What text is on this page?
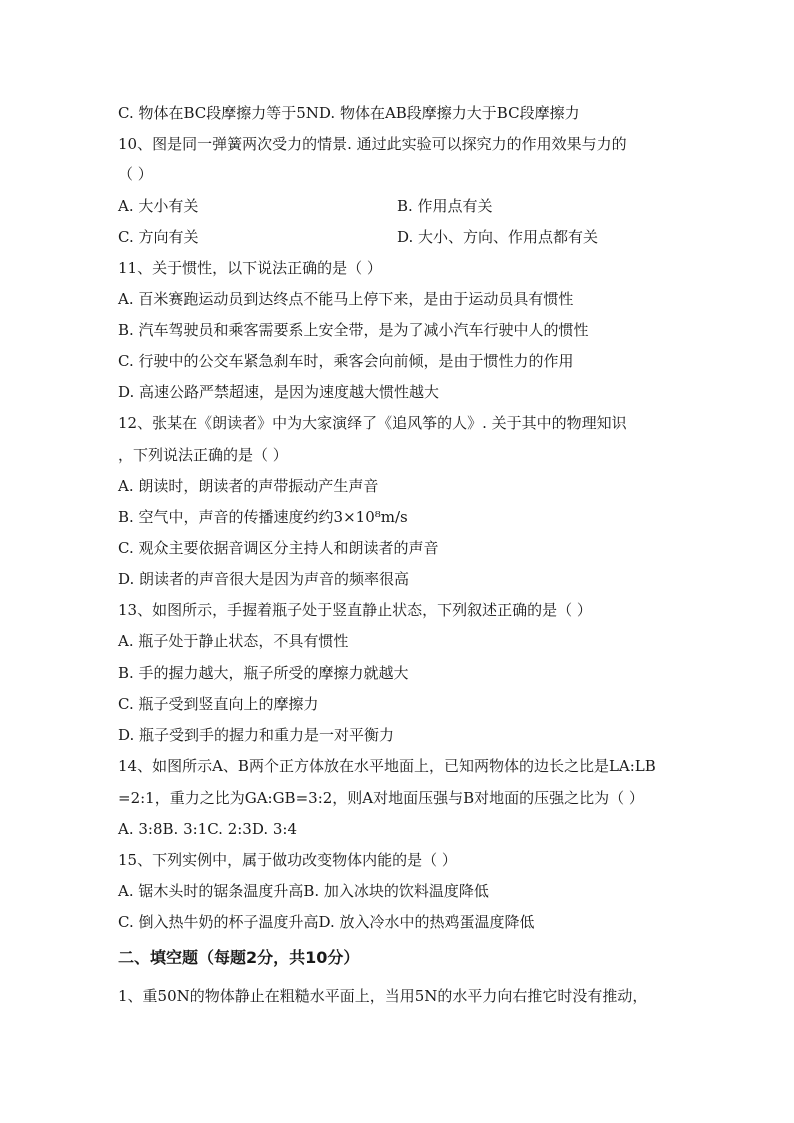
C. 物体在BC段摩擦力等于5ND. 物体在AB段摩擦力大于BC段摩擦力
10、图是同一弹簧两次受力的情景. 通过此实验可以探究力的作用效果与力的
（ ）
A. 大小有关	B. 作用点有关
C. 方向有关	D. 大小、方向、作用点都有关
11、关于惯性，以下说法正确的是（ ）
A. 百米赛跑运动员到达终点不能马上停下来，是由于运动员具有惯性
B. 汽车驾驶员和乘客需要系上安全带，是为了减小汽车行驶中人的惯性
C. 行驶中的公交车紧急刹车时，乘客会向前倾，是由于惯性力的作用
D. 高速公路严禁超速，是因为速度越大惯性越大
12、张某在《朗读者》中为大家演绎了《追风筝的人》. 关于其中的物理知识
，下列说法正确的是（ ）
A. 朗读时，朗读者的声带振动产生声音
B. 空气中，声音的传播速度约约3×10⁸m/s
C. 观众主要依据音调区分主持人和朗读者的声音
D. 朗读者的声音很大是因为声音的频率很高
13、如图所示，手握着瓶子处于竖直静止状态，下列叙述正确的是（ ）
A. 瓶子处于静止状态，不具有惯性
B. 手的握力越大，瓶子所受的摩擦力就越大
C. 瓶子受到竖直向上的摩擦力
D. 瓶子受到手的握力和重力是一对平衡力
14、如图所示A、B两个正方体放在水平地面上，已知两物体的边长之比是LA:LB
=2:1，重力之比为GA:GB=3:2，则A对地面压强与B对地面的压强之比为（ ）
A. 3:8B. 3:1C. 2:3D. 3:4
15、下列实例中，属于做功改变物体内能的是（ ）
A. 锯木头时的锯条温度升高B. 加入冰块的饮料温度降低
C. 倒入热牛奶的杯子温度升高D. 放入冷水中的热鸡蛋温度降低
二、填空题（每题2分，共10分）
1、重50N的物体静止在粗糙水平面上，当用5N的水平力向右推它时没有推动，
